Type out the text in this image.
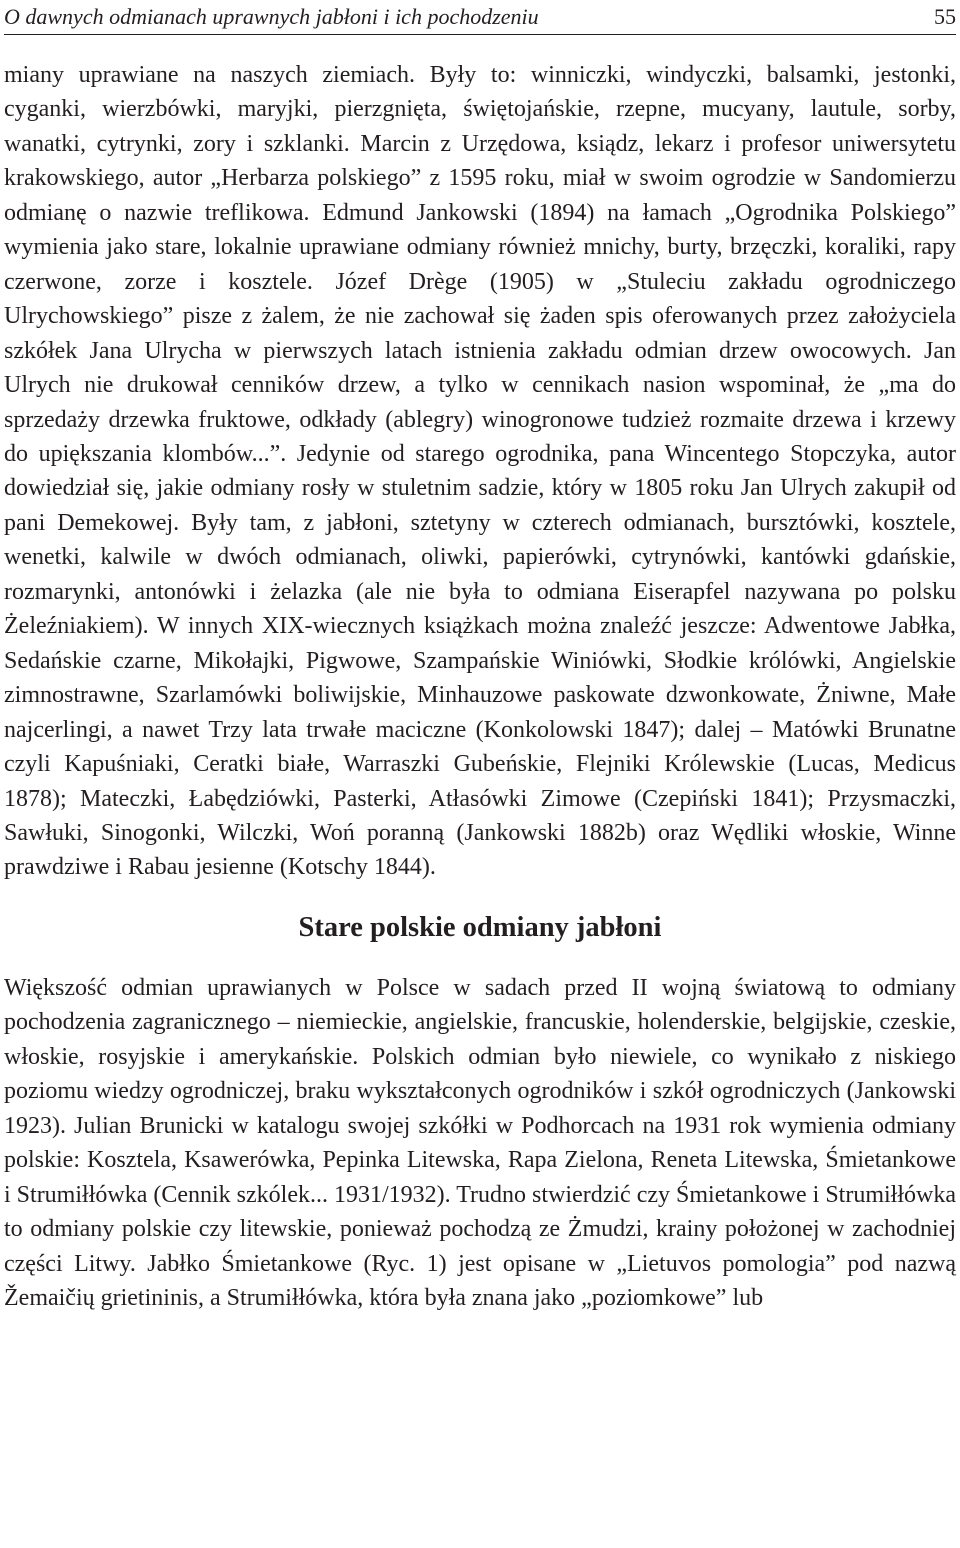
O dawnych odmianach uprawnych jabłoni i ich pochodzeniu	55

miany uprawiane na naszych ziemiach. Były to: winniczki, windyczki, balsamki, jestonki, cyganki, wierzbówki, maryjki, pierzgnięta, świętojańskie, rzepne, mucyany, lautule, sorby, wanatki, cytrynki, zory i szklanki. Marcin z Urzędowa, ksiądz, lekarz i profesor uniwersytetu krakowskiego, autor „Herbarza polskiego” z 1595 roku, miał w swoim ogrodzie w Sandomierzu odmianę o nazwie treflikowa. Edmund Jankowski (1894) na łamach „Ogrodnika Polskiego” wymienia jako stare, lokalnie uprawiane odmiany również mnichy, burty, brzęczki, koraliki, rapy czerwone, zorze i kosztele. Józef Drège (1905) w „Stuleciu zakładu ogrodniczego Ulrychowskiego” pisze z żalem, że nie zachował się żaden spis oferowanych przez założyciela szkółek Jana Ulrycha w pierwszych latach istnienia zakładu odmian drzew owocowych. Jan Ulrych nie drukował cenników drzew, a tylko w cennikach nasion wspominał, że „ma do sprzedaży drzewka fruktowe, odkłady (ablegry) winogronowe tudzież rozmaite drzewa i krzewy do upiększania klombów...”. Jedynie od starego ogrodnika, pana Wincentego Stopczyka, autor dowiedział się, jakie odmiany rosły w stuletnim sadzie, który w 1805 roku Jan Ulrych zakupił od pani Demekowej. Były tam, z jabłoni, sztetyny w czterech odmianach, bursztówki, kosztele, wenetki, kalwile w dwóch odmianach, oliwki, papierówki, cytrynówki, kantówki gdańskie, rozmarynki, antonówki i żelazka (ale nie była to odmiana Eiserapfel nazywana po polsku Żeleźniakiem). W innych XIX-wiecznych książkach można znaleźć jeszcze: Adwentowe Jabłka, Sedańskie czarne, Mikołajki, Pigwowe, Szampańskie Winiówki, Słodkie królówki, Angielskie zimnostrawne, Szarlamówki boliwijskie, Minhauzowe paskowate dzwonkowate, Żniwne, Małe najcerlingi, a nawet Trzy lata trwałe maciczne (Konkolowski 1847); dalej – Matówki Brunatne czyli Kapuśniaki, Ceratki białe, Warraszki Gubeńskie, Flejniki Królewskie (Lucas, Medicus 1878); Mateczki, Łabędziówki, Pasterki, Atłasówki Zimowe (Czepiński 1841); Przysmaczki, Sawłuki, Sinogonki, Wilczki, Woń poranną (Jankowski 1882b) oraz Wędliki włoskie, Winne prawdziwe i Rabau jesienne (Kotschy 1844).

Stare polskie odmiany jabłoni

Większość odmian uprawianych w Polsce w sadach przed II wojną światową to odmiany pochodzenia zagranicznego – niemieckie, angielskie, francuskie, holenderskie, belgijskie, czeskie, włoskie, rosyjskie i amerykańskie. Polskich odmian było niewiele, co wynikało z niskiego poziomu wiedzy ogrodniczej, braku wykształconych ogrodników i szkół ogrodniczych (Jankowski 1923). Julian Brunicki w katalogu swojej szkółki w Podhorcach na 1931 rok wymienia odmiany polskie: Kosztela, Ksawerówka, Pepinka Litewska, Rapa Zielona, Reneta Litewska, Śmietankowe i Strumiłłówka (Cennik szkólek... 1931/1932). Trudno stwierdzić czy Śmietankowe i Strumiłłówka to odmiany polskie czy litewskie, ponieważ pochodzą ze Żmudzi, krainy położonej w zachodniej części Litwy. Jabłko Śmietankowe (Ryc. 1) jest opisane w „Lietuvos pomologia” pod nazwą Žemaičių grietininis, a Strumiłłówka, która była znana jako „poziomkowe” lub
